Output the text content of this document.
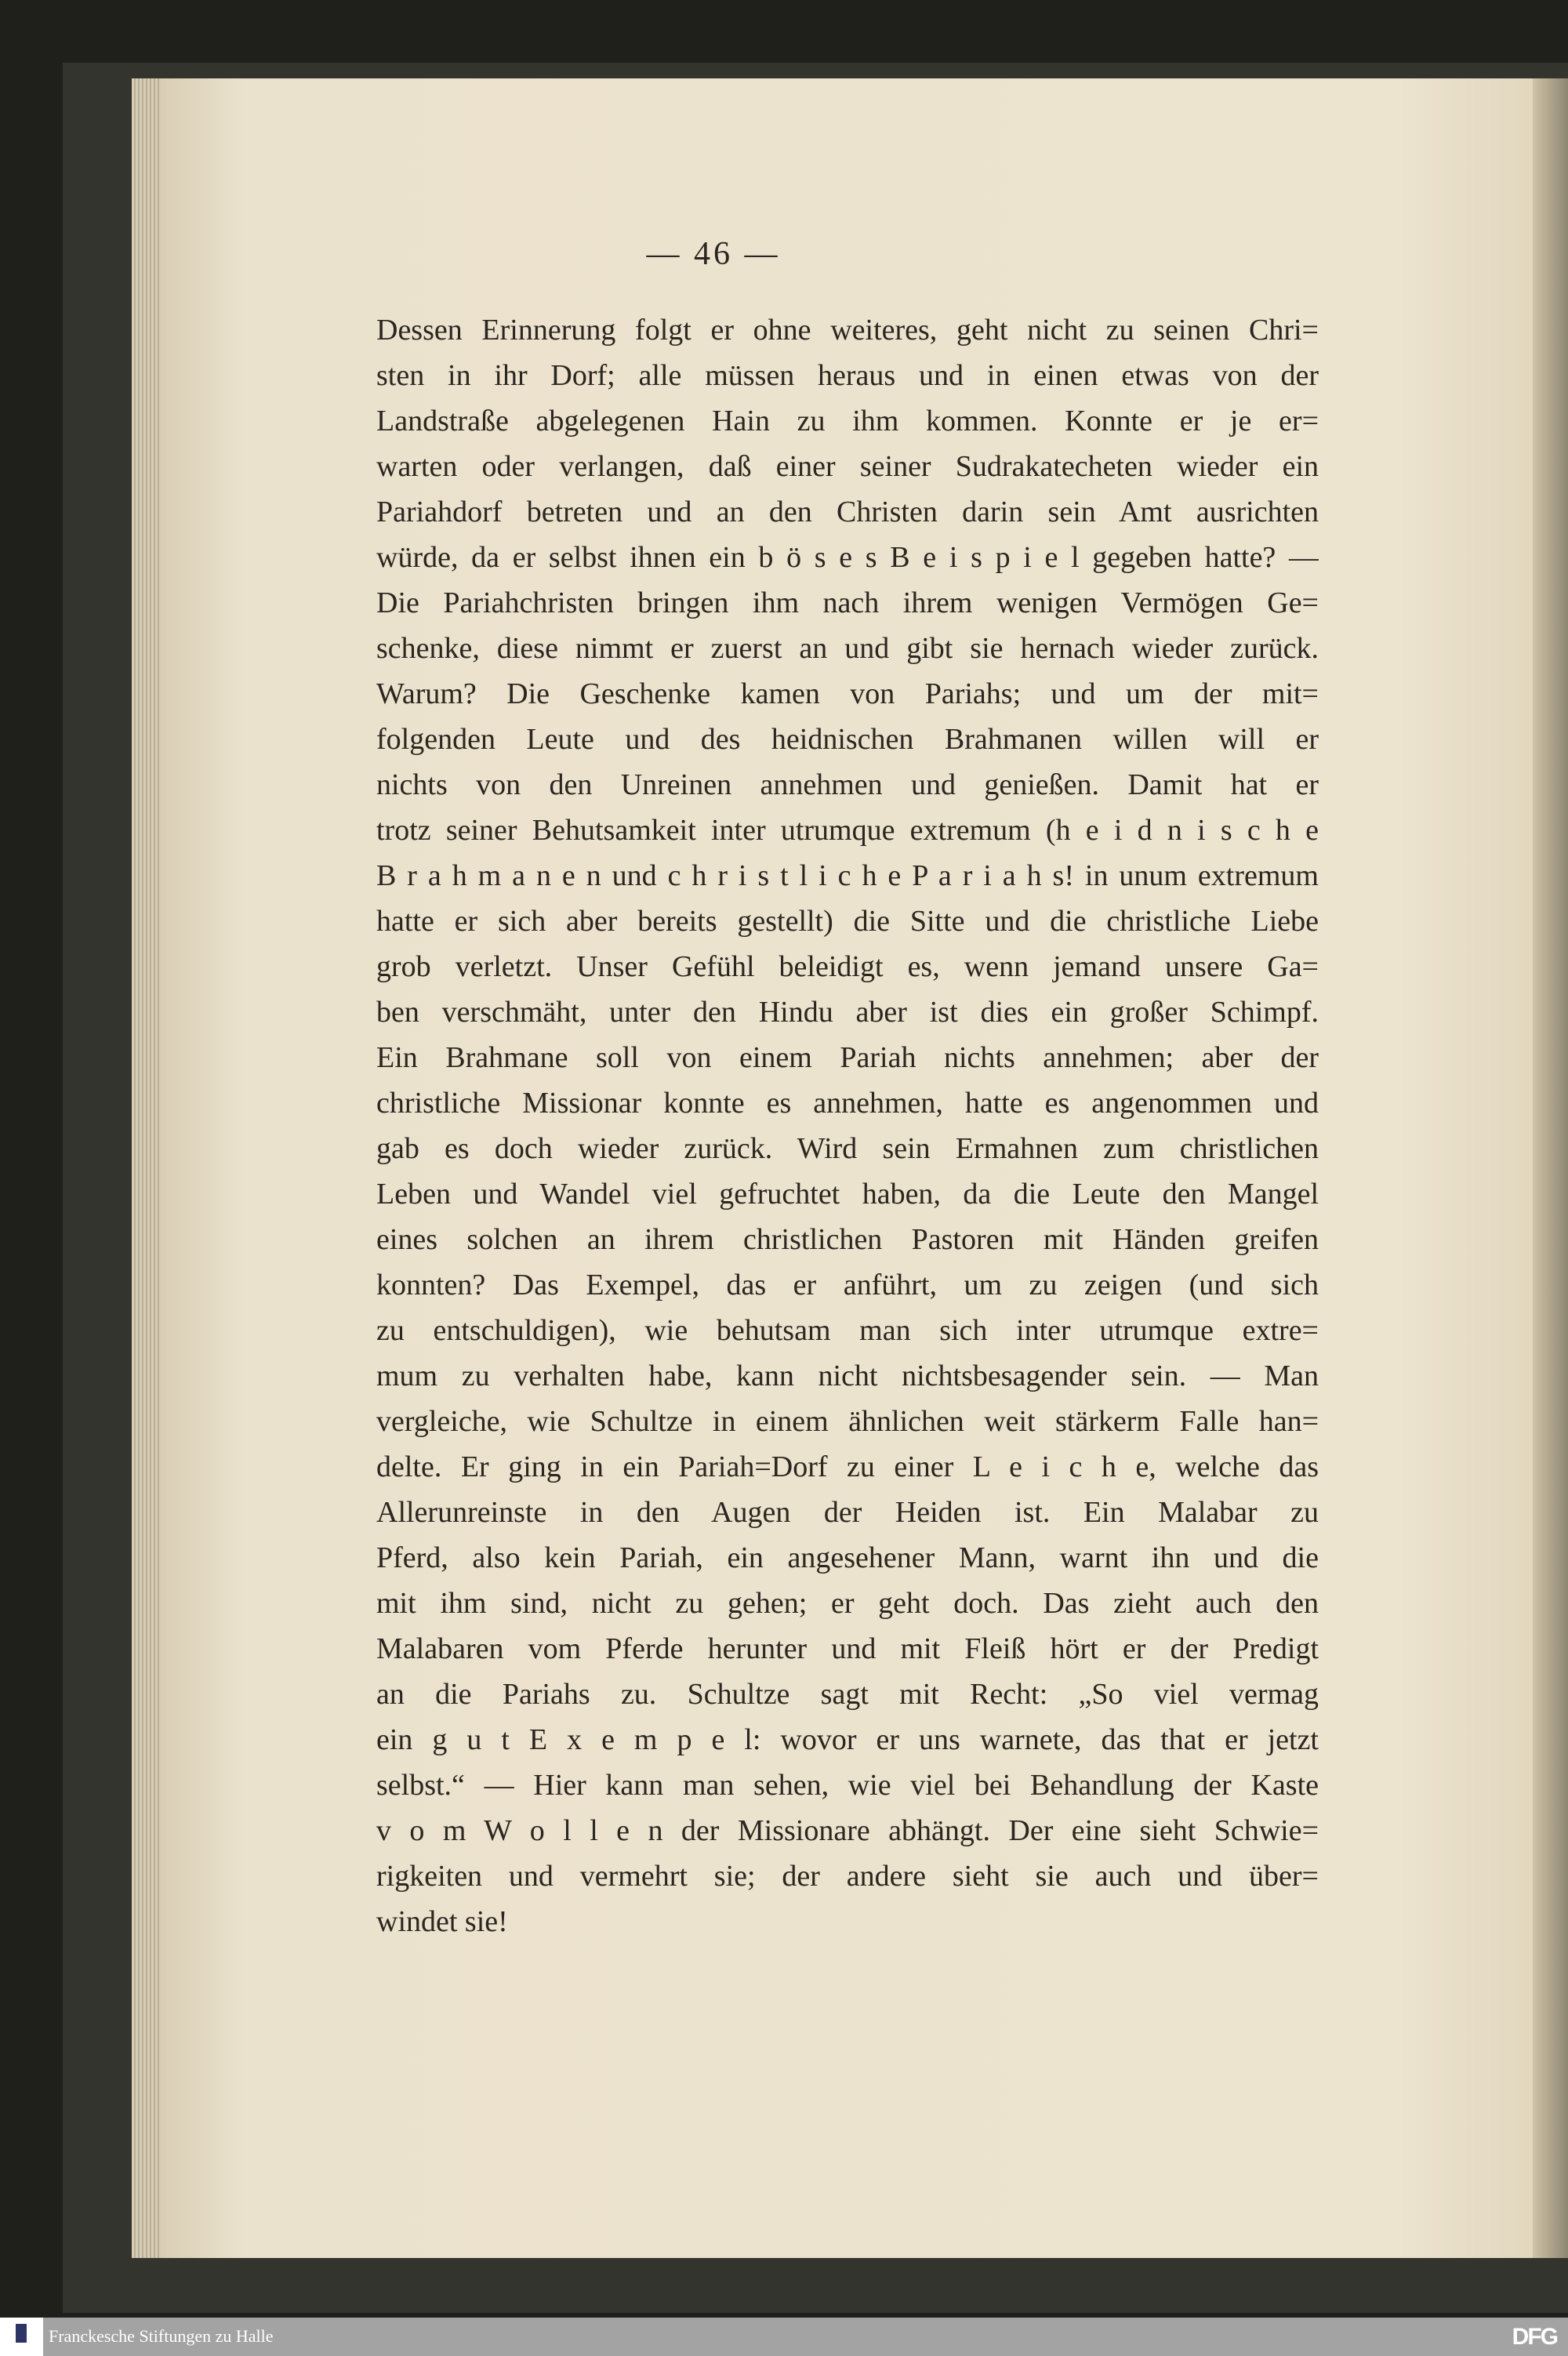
— 46 —
Dessen Erinnerung folgt er ohne weiteres, geht nicht zu seinen Chri=
sten in ihr Dorf; alle müssen heraus und in einen etwas von der
Landstraße abgelegenen Hain zu ihm kommen. Konnte er je er=
warten oder verlangen, daß einer seiner Sudrakatecheten wieder ein
Pariahdorf betreten und an den Christen darin sein Amt ausrichten
würde, da er selbst ihnen ein b ö s e s B e i s p i e l gegeben hatte? —
Die Pariahchristen bringen ihm nach ihrem wenigen Vermögen Ge=
schenke, diese nimmt er zuerst an und gibt sie hernach wieder zurück.
Warum? Die Geschenke kamen von Pariahs; und um der mit=
folgenden Leute und des heidnischen Brahmanen willen will er
nichts von den Unreinen annehmen und genießen. Damit hat er
trotz seiner Behutsamkeit inter utrumque extremum (h e i d n i s c h e
B r a h m a n e n und c h r i s t l i c h e P a r i a h s! in unum extremum
hatte er sich aber bereits gestellt) die Sitte und die christliche Liebe
grob verletzt. Unser Gefühl beleidigt es, wenn jemand unsere Ga=
ben verschmäht, unter den Hindu aber ist dies ein großer Schimpf.
Ein Brahmane soll von einem Pariah nichts annehmen; aber der
christliche Missionar konnte es annehmen, hatte es angenommen und
gab es doch wieder zurück. Wird sein Ermahnen zum christlichen
Leben und Wandel viel gefruchtet haben, da die Leute den Mangel
eines solchen an ihrem christlichen Pastoren mit Händen greifen
konnten? Das Exempel, das er anführt, um zu zeigen (und sich
zu entschuldigen), wie behutsam man sich inter utrumque extre=
mum zu verhalten habe, kann nicht nichtsbesagender sein. — Man
vergleiche, wie Schultze in einem ähnlichen weit stärkerm Falle han=
delte. Er ging in ein Pariah=Dorf zu einer L e i c h e, welche das
Allerunreinste in den Augen der Heiden ist. Ein Malabar zu
Pferd, also kein Pariah, ein angesehener Mann, warnt ihn und die
mit ihm sind, nicht zu gehen; er geht doch. Das zieht auch den
Malabaren vom Pferde herunter und mit Fleiß hört er der Predigt
an die Pariahs zu. Schultze sagt mit Recht: „So viel vermag
ein g u t E x e m p e l: wovor er uns warnete, das that er jetzt
selbst.“ — Hier kann man sehen, wie viel bei Behandlung der Kaste
v o m W o l l e n der Missionare abhängt. Der eine sieht Schwie=
rigkeiten und vermehrt sie; der andere sieht sie auch und über=
windet sie!
Franckesche Stiftungen zu Halle	DFG
